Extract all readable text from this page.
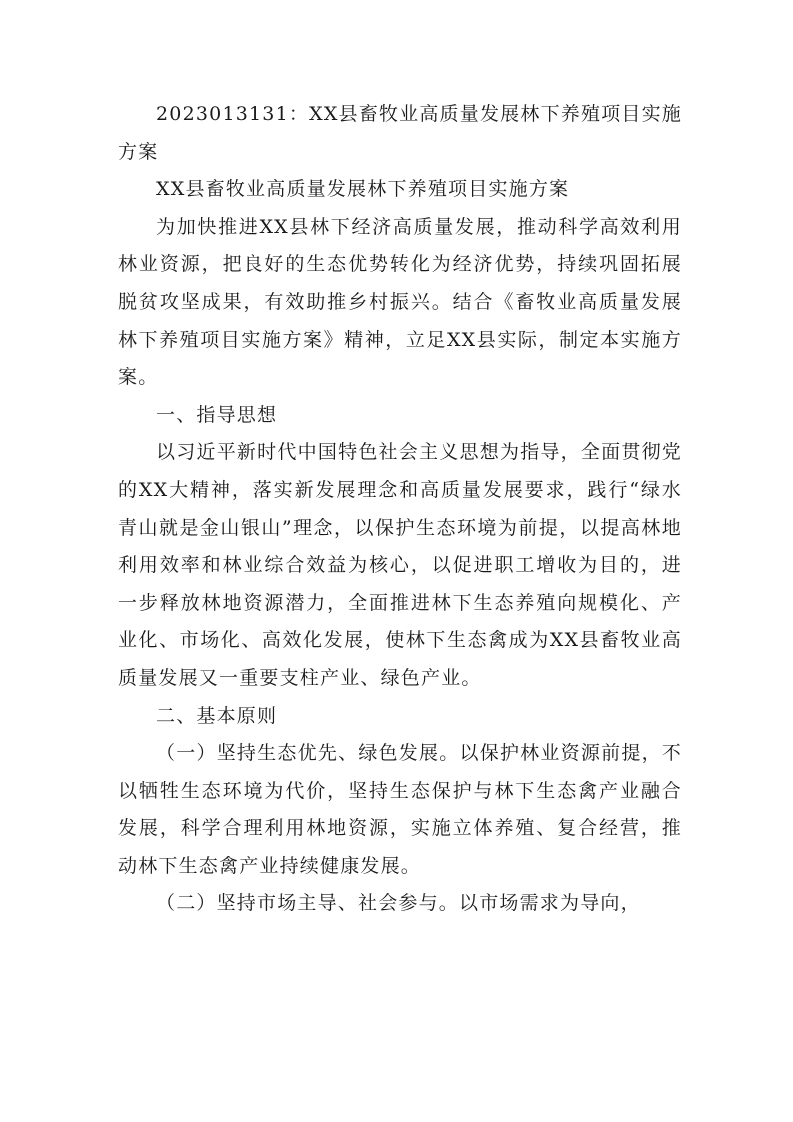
2023013131：XX县畜牧业高质量发展林下养殖项目实施方案

XX县畜牧业高质量发展林下养殖项目实施方案

为加快推进XX县林下经济高质量发展，推动科学高效利用林业资源，把良好的生态优势转化为经济优势，持续巩固拓展脱贫攻坚成果，有效助推乡村振兴。结合《畜牧业高质量发展林下养殖项目实施方案》精神，立足XX县实际，制定本实施方案。

一、指导思想

以习近平新时代中国特色社会主义思想为指导，全面贯彻党的XX大精神，落实新发展理念和高质量发展要求，践行“绿水青山就是金山银山”理念，以保护生态环境为前提，以提高林地利用效率和林业综合效益为核心，以促进职工增收为目的，进一步释放林地资源潜力，全面推进林下生态养殖向规模化、产业化、市场化、高效化发展，使林下生态禽成为XX县畜牧业高质量发展又一重要支柱产业、绿色产业。

二、基本原则

（一）坚持生态优先、绿色发展。以保护林业资源前提，不以牺牲生态环境为代价，坚持生态保护与林下生态禽产业融合发展，科学合理利用林地资源，实施立体养殖、复合经营，推动林下生态禽产业持续健康发展。

（二）坚持市场主导、社会参与。以市场需求为导向，
